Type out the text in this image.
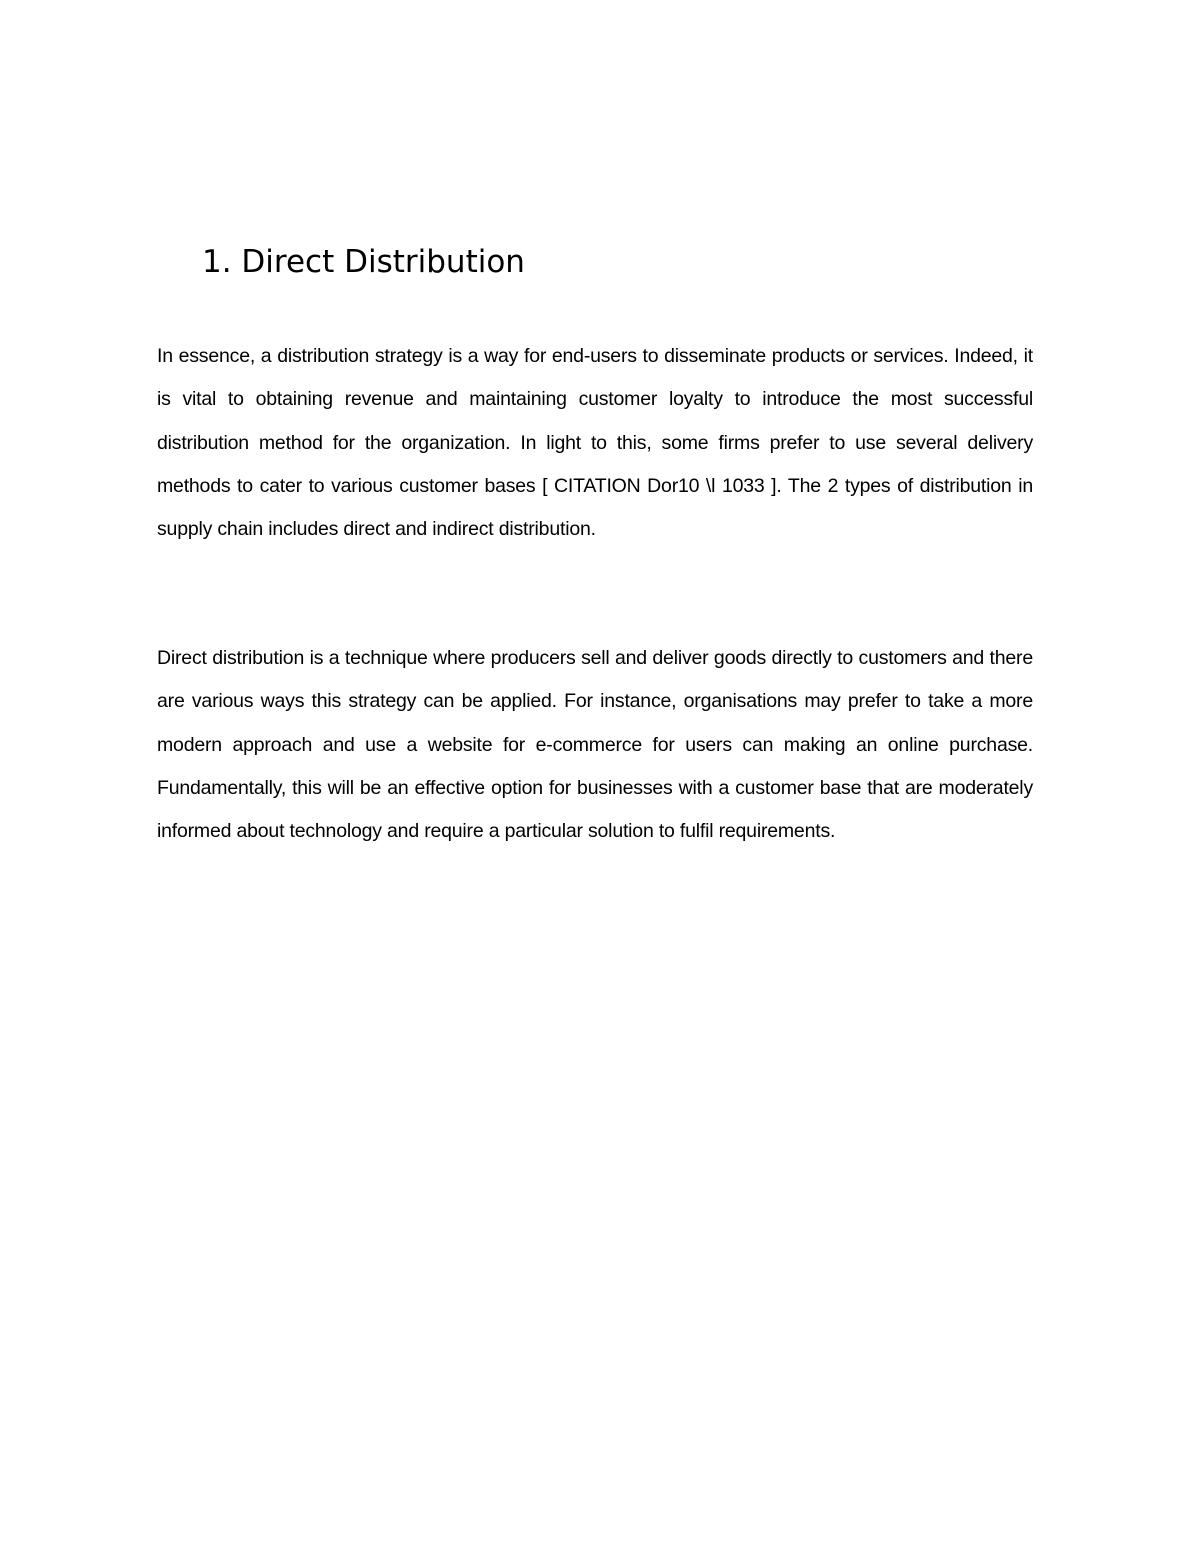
1. Direct Distribution

In essence, a distribution strategy is a way for end-users to disseminate products or services. Indeed, it is vital to obtaining revenue and maintaining customer loyalty to introduce the most successful distribution method for the organization. In light to this, some firms prefer to use several delivery methods to cater to various customer bases [ CITATION Dor10 \l 1033 ]. The 2 types of distribution in supply chain includes direct and indirect distribution.

Direct distribution is a technique where producers sell and deliver goods directly to customers and there are various ways this strategy can be applied. For instance, organisations may prefer to take a more modern approach and use a website for e-commerce for users can making an online purchase. Fundamentally, this will be an effective option for businesses with a customer base that are moderately informed about technology and require a particular solution to fulfil requirements.
